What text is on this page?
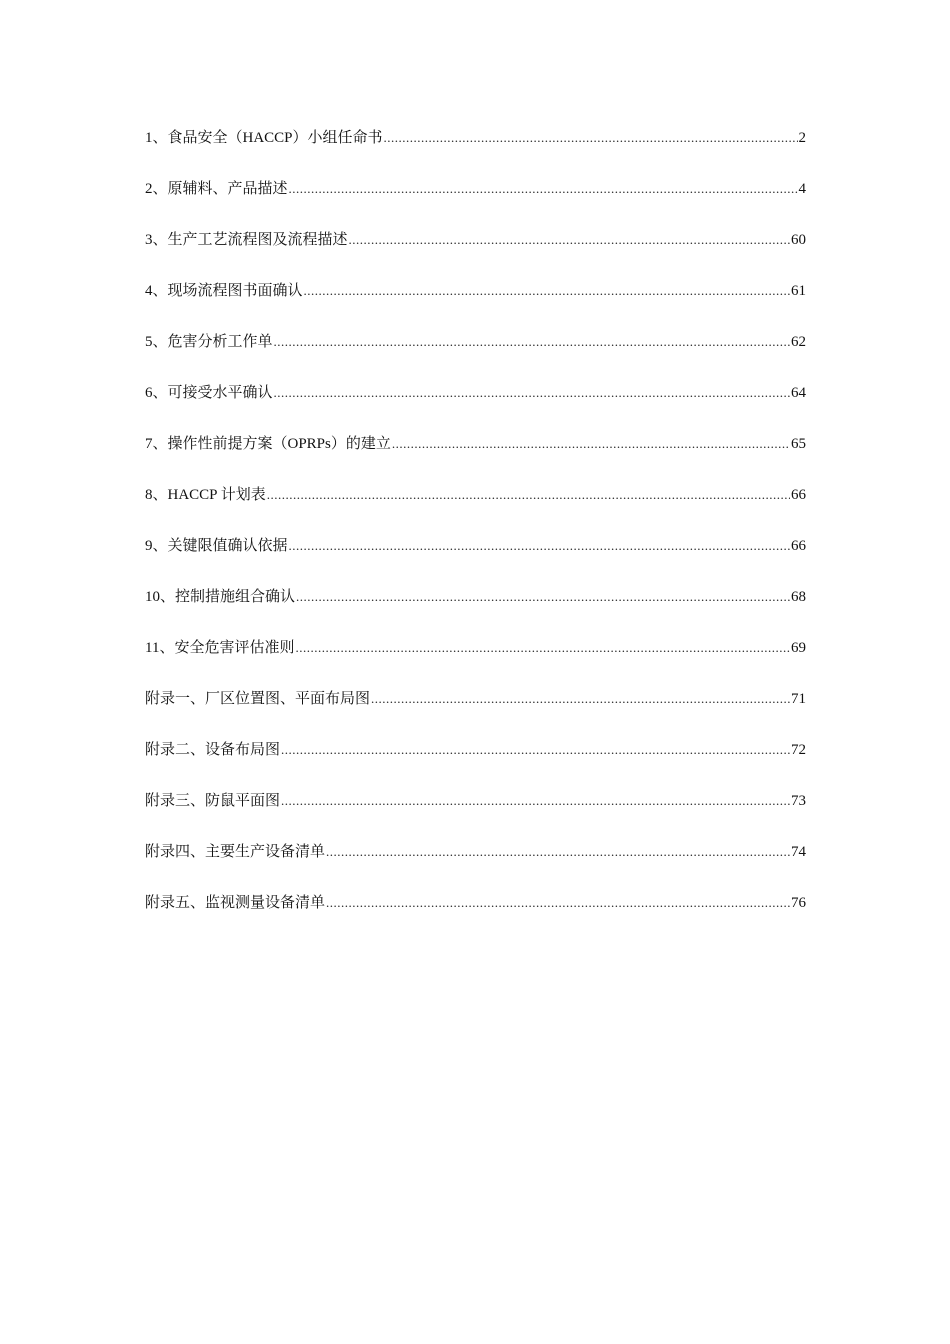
1、食品安全（HACCP）小组任命书 .....	2
2、原辅料、产品描述 .....	4
3、生产工艺流程图及流程描述 .....	60
4、现场流程图书面确认 .....	61
5、危害分析工作单 .....	62
6、可接受水平确认 .....	64
7、操作性前提方案（OPRPs）的建立 .....	65
8、HACCP 计划表 .....	66
9、关键限值确认依据 .....	66
10、控制措施组合确认 .....	68
11、安全危害评估准则 .....	69
附录一、厂区位置图、平面布局图 .....	71
附录二、设备布局图 .....	72
附录三、防鼠平面图 .....	73
附录四、主要生产设备清单 .....	74
附录五、监视测量设备清单 .....	76
